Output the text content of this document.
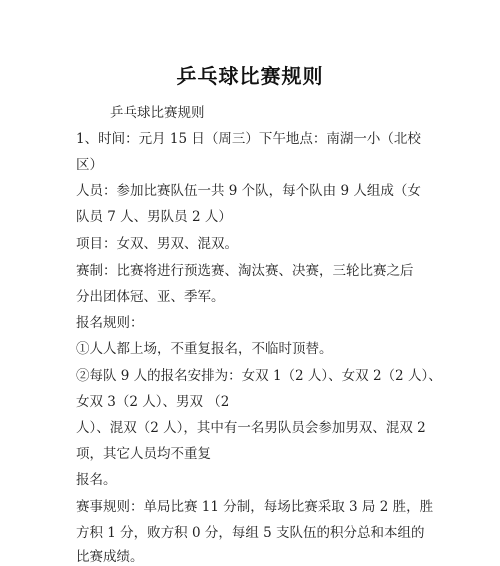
乒乓球比赛规则
乒乓球比赛规则
1、时间：元月 15 日（周三）下午地点：南湖一小（北校
区）
人员：参加比赛队伍一共 9 个队，每个队由 9 人组成（女
队员 7 人、男队员 2 人）
项目：女双、男双、混双。
赛制：比赛将进行预选赛、淘汰赛、决赛，三轮比赛之后
分出团体冠、亚、季军。
报名规则：
①人人都上场，不重复报名，不临时顶替。
②每队 9 人的报名安排为：女双 1（2 人）、女双 2（2 人）、
女双 3（2 人）、男双 （2
人）、混双（2 人），其中有一名男队员会参加男双、混双 2
项，其它人员均不重复
报名。
赛事规则：单局比赛 11 分制，每场比赛采取 3 局 2 胜，胜
方积 1 分，败方积 0 分，每组 5 支队伍的积分总和本组的
比赛成绩。
